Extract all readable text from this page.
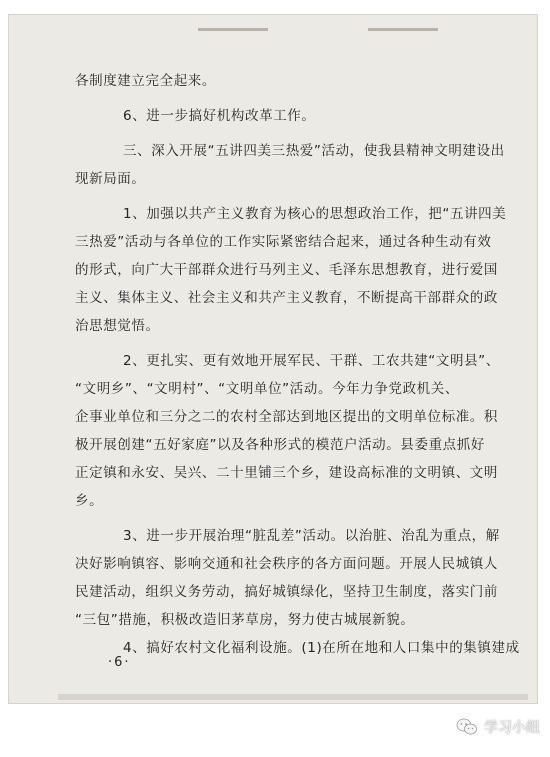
各制度建立完全起来。
6、进一步搞好机构改革工作。
三、深入开展“五讲四美三热爱”活动，使我县精神文明建设出
现新局面。
1、加强以共产主义教育为核心的思想政治工作，把“五讲四美
三热爱”活动与各单位的工作实际紧密结合起来，通过各种生动有效
的形式，向广大干部群众进行马列主义、毛泽东思想教育，进行爱国
主义、集体主义、社会主义和共产主义教育，不断提高干部群众的政
治思想觉悟。
2、更扎实、更有效地开展军民、干群、工农共建“文明县”、
“文明乡”、“文明村”、“文明单位”活动。今年力争党政机关、
企事业单位和三分之二的农村全部达到地区提出的文明单位标准。积
极开展创建“五好家庭”以及各种形式的模范户活动。县委重点抓好
正定镇和永安、吴兴、二十里铺三个乡，建设高标准的文明镇、文明
乡。
3、进一步开展治理“脏乱差”活动。以治脏、治乱为重点，解
决好影响镇容、影响交通和社会秩序的各方面问题。开展人民城镇人
民建活动，组织义务劳动，搞好城镇绿化，坚持卫生制度，落实门前
“三包”措施，积极改造旧茅草房，努力使古城展新貌。
4、搞好农村文化福利设施。(1)在所在地和人口集中的集镇建成
·6·
学习小组
